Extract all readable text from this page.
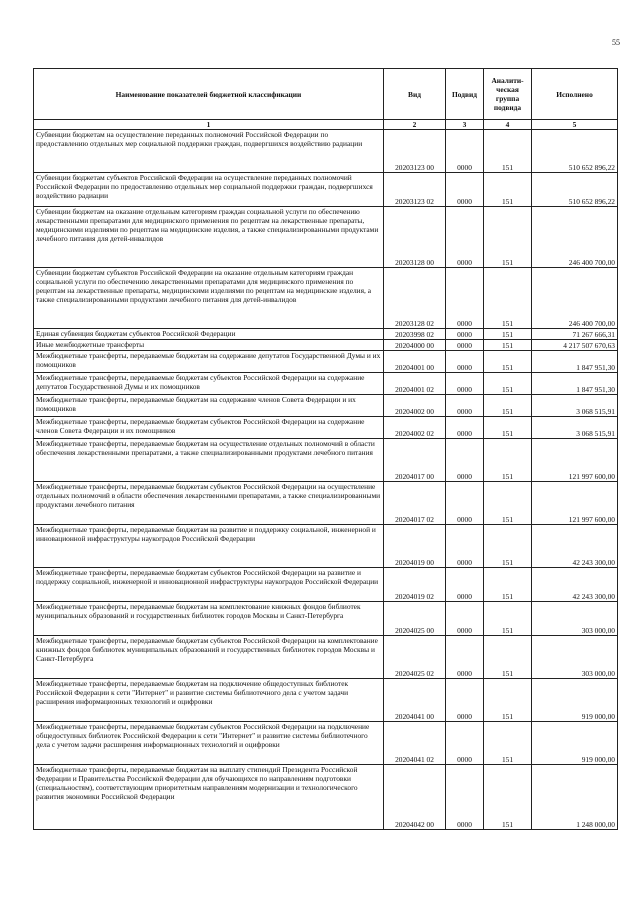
55
Наименование показателей бюджетной классификации	Вид	Подвид	Аналити-ческая группа подвида	Исполнено
1	2	3	4	5
Субвенции бюджетам на осуществление переданных полномочий Российской Федерации по предоставлению отдельных мер социальной поддержки граждан, подвергшихся воздействию радиации	20203123 00	0000	151	510 652 896,22
Субвенции бюджетам субъектов Российской Федерации на осуществление переданных полномочий Российской Федерации по предоставлению отдельных мер социальной поддержки граждан, подвергшихся воздействию радиации	20203123 02	0000	151	510 652 896,22
Субвенции бюджетам на оказание отдельным категориям граждан социальной услуги по обеспечению лекарственными препаратами для медицинского применения по рецептам на лекарственные препараты, медицинскими изделиями по рецептам на медицинские изделия, а также специализированными продуктами лечебного питания для детей-инвалидов	20203128 00	0000	151	246 400 700,00
Субвенции бюджетам субъектов Российской Федерации на оказание отдельным категориям граждан социальной услуги по обеспечению лекарственными препаратами для медицинского применения по рецептам на лекарственные препараты, медицинскими изделиями по рецептам на медицинские изделия, а также специализированными продуктами лечебного питания для детей-инвалидов	20203128 02	0000	151	246 400 700,00
Единая субвенция бюджетам субъектов Российской Федерации	20203998 02	0000	151	71 267 666,31
Иные межбюджетные трансферты	20204000 00	0000	151	4 217 507 670,63
Межбюджетные трансферты, передаваемые бюджетам на содержание депутатов Государственной Думы и их помощников	20204001 00	0000	151	1 847 951,30
Межбюджетные трансферты, передаваемые бюджетам субъектов Российской Федерации на содержание депутатов Государственной Думы и их помощников	20204001 02	0000	151	1 847 951,30
Межбюджетные трансферты, передаваемые бюджетам на содержание членов Совета Федерации и их помощников	20204002 00	0000	151	3 068 515,91
Межбюджетные трансферты, передаваемые бюджетам субъектов Российской Федерации на содержание членов Совета Федерации и их помощников	20204002 02	0000	151	3 068 515,91
Межбюджетные трансферты, передаваемые бюджетам на осуществление отдельных полномочий в области обеспечения лекарственными препаратами, а также специализированными продуктами лечебного питания	20204017 00	0000	151	121 997 600,00
Межбюджетные трансферты, передаваемые бюджетам субъектов Российской Федерации на осуществление отдельных полномочий в области обеспечения лекарственными препаратами, а также специализированными продуктами лечебного питания	20204017 02	0000	151	121 997 600,00
Межбюджетные трансферты, передаваемые бюджетам на развитие и поддержку социальной, инженерной и инновационной инфраструктуры наукоградов Российской Федерации	20204019 00	0000	151	42 243 300,00
Межбюджетные трансферты, передаваемые бюджетам субъектов Российской Федерации на развитие и поддержку социальной, инженерной и инновационной инфраструктуры наукоградов Российской Федерации	20204019 02	0000	151	42 243 300,00
Межбюджетные трансферты, передаваемые бюджетам на комплектование книжных фондов библиотек муниципальных образований и государственных библиотек городов Москвы и Санкт-Петербурга	20204025 00	0000	151	303 000,00
Межбюджетные трансферты, передаваемые бюджетам субъектов Российской Федерации на комплектование книжных фондов библиотек муниципальных образований и государственных библиотек городов Москвы и Санкт-Петербурга	20204025 02	0000	151	303 000,00
Межбюджетные трансферты, передаваемые бюджетам на подключение общедоступных библиотек Российской Федерации к сети "Интернет" и развитие системы библиотечного дела с учетом задачи расширения информационных технологий и оцифровки	20204041 00	0000	151	919 000,00
Межбюджетные трансферты, передаваемые бюджетам субъектов Российской Федерации на подключение общедоступных библиотек Российской Федерации к сети "Интернет" и развитие системы библиотечного дела с учетом задачи расширения информационных технологий и оцифровки	20204041 02	0000	151	919 000,00
Межбюджетные трансферты, передаваемые бюджетам на выплату стипендий Президента Российской Федерации и Правительства Российской Федерации для обучающихся по направлениям подготовки (специальностям), соответствующим приоритетным направлениям модернизации и технологического развития экономики Российской Федерации	20204042 00	0000	151	1 248 000,00
